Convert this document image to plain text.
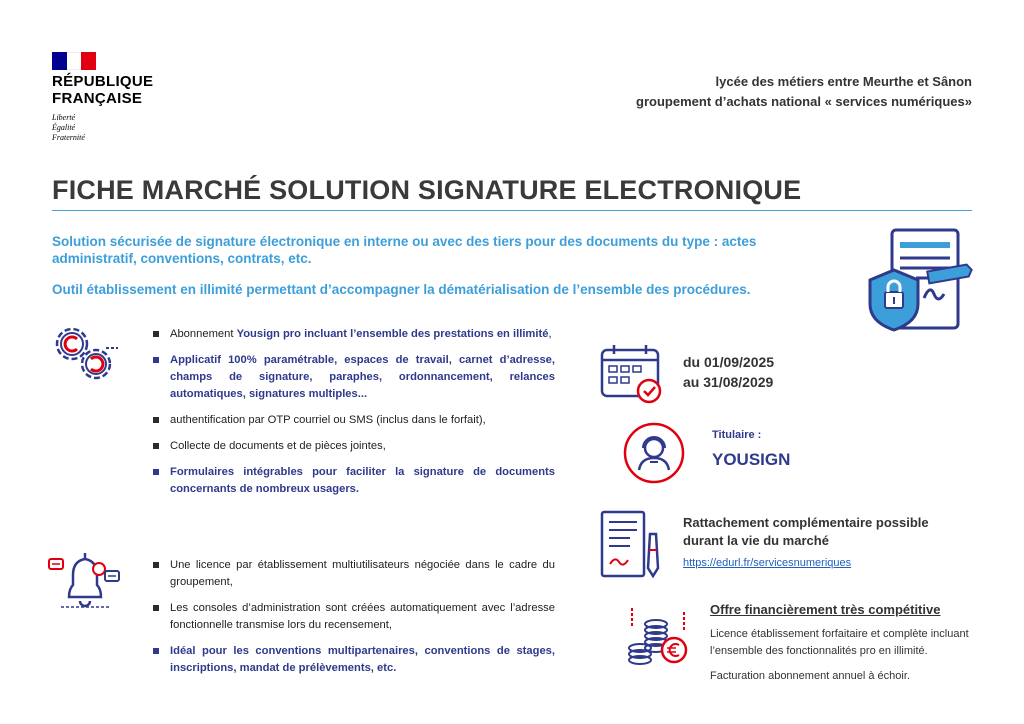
RÉPUBLIQUE
FRANÇAISE
Liberté
Égalité
Fraternité
lycée des métiers entre Meurthe et Sânon
groupement d’achats national « services numériques»
FICHE MARCHÉ SOLUTION SIGNATURE ELECTRONIQUE
Solution sécurisée de signature électronique en interne ou avec des tiers pour des documents du type : actes administratif, conventions, contrats, etc.
Outil établissement en illimité permettant d’accompagner la dématérialisation de l’ensemble des procédures.
Abonnement Yousign pro incluant l’ensemble des prestations en illimité,
Applicatif 100% paramétrable, espaces de travail, carnet d’adresse, champs de signature, paraphes, ordonnancement, relances automatiques, signatures multiples...
authentification par OTP courriel ou SMS (inclus dans le forfait),
Collecte de documents et de pièces jointes,
Formulaires intégrables pour faciliter la signature de documents concernants de nombreux usagers.
Une licence par établissement multiutilisateurs négociée dans le cadre du groupement,
Les consoles d’administration sont créées automatiquement avec l’adresse fonctionnelle transmise lors du recensement,
Idéal pour les conventions multipartenaires, conventions de stages, inscriptions, mandat de prélèvements, etc.
du 01/09/2025
au 31/08/2029
Titulaire :
YOUSIGN
Rattachement complémentaire possible
durant la vie du marché
https://edurl.fr/servicesnumeriques
Offre financièrement très compétitive

Licence établissement forfaitaire et complète incluant l’ensemble des fonctionnalités pro en illimité.

Facturation abonnement annuel à échoir.
